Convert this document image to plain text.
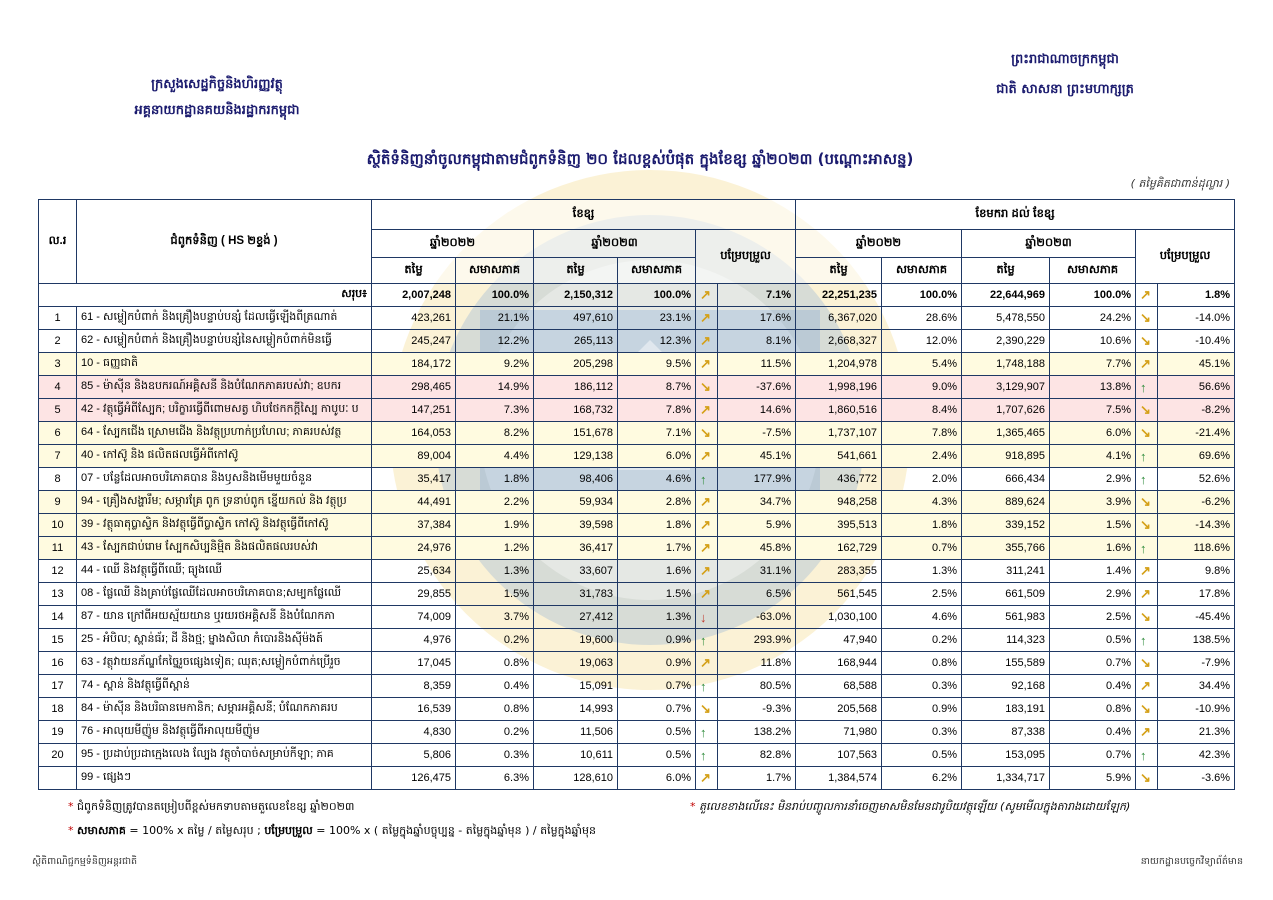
ក្រសួងសេដ្ឋកិច្ចនិងហិរញ្ញវត្ថុ
អគ្គនាយកដ្ឋានគយនិងរដ្ឋាករកម្ពុជា
ព្រះរាជាណាចក្រកម្ពុជា
ជាតិ សាសនា ព្រះមហាក្សត្រ
ស្ថិតិទំនិញនាំចូលកម្ពុជាតាមជំពូកទំនិញ ២០ ដែលខ្ពស់បំផុត ក្នុងខែឧ្ស ឆ្នាំ២០២៣ (បណ្ដោះអាសន្ន)
( តម្លៃគិតជាពាន់ដុល្លារ )
ល.រ	ជំពូកទំនិញ ( HS ២ខ្ទង់ )	ខែឧ្ស						ខែមករា ដល់ ខែឧ្ស					
		ឆ្នាំ២០២២		ឆ្នាំ២០២៣		បម្រែបម្រួល		ឆ្នាំ២០២២		ឆ្នាំ២០២៣		បម្រែបម្រួល	
		តម្លៃ	សមាសភាគ	តម្លៃ	សមាសភាគ			តម្លៃ	សមាសភាគ	តម្លៃ	សមាសភាគ		
សរុប៖		2,007,248	100.0%	2,150,312	100.0%	↗	7.1%	22,251,235	100.0%	22,644,969	100.0%	↗	1.8%
1	61 - សម្លៀកបំពាក់ និងគ្រឿងបន្ទាប់បន្សំ ដែលធ្វើឡើងពីត្រណាត់	423,261	21.1%	497,610	23.1%	↗	17.6%	6,367,020	28.6%	5,478,550	24.2%	↘	-14.0%
2	62 - សម្លៀកបំពាក់ និងគ្រឿងបន្ទាប់បន្សំនៃសម្លៀកបំពាក់មិនធ្វើ	245,247	12.2%	265,113	12.3%	↗	8.1%	2,668,327	12.0%	2,390,229	10.6%	↘	-10.4%
3	10 - ធញ្ញជាតិ	184,172	9.2%	205,298	9.5%	↗	11.5%	1,204,978	5.4%	1,748,188	7.7%	↗	45.1%
4	85 - ម៉ាស៊ីន និងឧបករណ៍អគ្គិសនី និងបំណែកភាគរបស់វា; ឧបករ	298,465	14.9%	186,112	8.7%	↘	-37.6%	1,998,196	9.0%	3,129,907	13.8%	↑	56.6%
5	42 - វត្ថុធ្វើអំពីស្បែក; បរិក្ខារធ្វើពីពោមសត្វ ហិបថែកកក្ដីស្បៃ កាបូបៈ ប	147,251	7.3%	168,732	7.8%	↗	14.6%	1,860,516	8.4%	1,707,626	7.5%	↘	-8.2%
6	64 - ស្បែកជើង ស្រោមជើង និងវត្ថុប្រហាក់ប្រហែល; ភាគរបស់វត្ថ	164,053	8.2%	151,678	7.1%	↘	-7.5%	1,737,107	7.8%	1,365,465	6.0%	↘	-21.4%
7	40 - កៅស៊ូ និង ផលិតផលធ្វើអំពីកៅស៊ូ	89,004	4.4%	129,138	6.0%	↗	45.1%	541,661	2.4%	918,895	4.1%	↑	69.6%
8	07 - បន្លែដែលអាចបរិភោគបាន និងឫសនិងមើមមួយចំនួន	35,417	1.8%	98,406	4.6%	↑	177.9%	436,772	2.0%	666,434	2.9%	↑	52.6%
9	94 - គ្រឿងសង្ហារឹម; សម្ភារគ្រែ ពូក ទ្រនាប់ពូក ខ្នើយកល់ និង វត្ថុប្រ	44,491	2.2%	59,934	2.8%	↗	34.7%	948,258	4.3%	889,624	3.9%	↘	-6.2%
10	39 - វត្ថុធាតុប្លាស្ទិក និងវត្ថុធ្វើពីប្លាស្ទិក កៅស៊ូ និងវត្ថុធ្វើពីកៅស៊ូ	37,384	1.9%	39,598	1.8%	↗	5.9%	395,513	1.8%	339,152	1.5%	↘	-14.3%
11	43 - ស្បែកជាប់រោម ស្បែកសិប្បនិម្មិត និងផលិតផលរបស់វា	24,976	1.2%	36,417	1.7%	↗	45.8%	162,729	0.7%	355,766	1.6%	↑	118.6%
12	44 - ឈើ និងវត្ថុធ្វើពីឈើ; ធ្យូងឈើ	25,634	1.3%	33,607	1.6%	↗	31.1%	283,355	1.3%	311,241	1.4%	↗	9.8%
13	08 - ផ្លែឈើ និងគ្រាប់ផ្លែឈើដែលអាចបរិភោគបាន;សម្បកផ្លែឈើ	29,855	1.5%	31,783	1.5%	↗	6.5%	561,545	2.5%	661,509	2.9%	↗	17.8%
14	87 - យាន ក្រៅពីអយស្ម័យយាន ឬរយរថអគ្គិសនី និងបំណែកភា	74,009	3.7%	27,412	1.3%	↓	-63.0%	1,030,100	4.6%	561,983	2.5%	↘	-45.4%
15	25 - អំបិល; ស្ពាន់ធ័រ; ដី និងថ្ម; ម្នាងសិលា កំបោរនិងស៊ីម៉ងត៍	4,976	0.2%	19,600	0.9%	↑	293.9%	47,940	0.2%	114,323	0.5%	↑	138.5%
16	63 - វត្ថុវាយនភ័ណ្ឌកែច្នៃរួចផ្សេងទៀត; ឈុត;សម្លៀកបំពាក់ប្រើរួច	17,045	0.8%	19,063	0.9%	↗	11.8%	168,944	0.8%	155,589	0.7%	↘	-7.9%
17	74 - ស្ពាន់ និងវត្ថុធ្វើពីស្ពាន់	8,359	0.4%	15,091	0.7%	↑	80.5%	68,588	0.3%	92,168	0.4%	↗	34.4%
18	84 - ម៉ាស៊ីន និងបរិធានមេកានិក; សម្ភារអគ្គិសនី; បំណែកភាគរប	16,539	0.8%	14,993	0.7%	↘	-9.3%	205,568	0.9%	183,191	0.8%	↘	-10.9%
19	76 - អាលុយមីញ៉ូម និងវត្ថុធ្វើពីអាលុយមីញ៉ូម	4,830	0.2%	11,506	0.5%	↑	138.2%	71,980	0.3%	87,338	0.4%	↗	21.3%
20	95 - ប្រដាប់ប្រដាក្មេងលេង ល្បែង វត្ថុចាំបាច់សម្រាប់កីឡា; ភាគ	5,806	0.3%	10,611	0.5%	↑	82.8%	107,563	0.5%	153,095	0.7%	↑	42.3%
	99 - ផ្សេងៗ	126,475	6.3%	128,610	6.0%	↗	1.7%	1,384,574	6.2%	1,334,717	5.9%	↘	-3.6%
* ជំពូកទំនិញត្រូវបានតម្រៀបពីខ្ពស់មកទាបតាមតួលេខខែឧ្ស ឆ្នាំ២០២៣	* តួលេខខាងលើនេះ មិនរាប់បញ្ចូលការនាំចេញមាសមិនមែនជារូបិយវត្ថុឡើយ (សូមមើលក្នុងតារាងដោយឡែក)
* សមាសភាគ = 100% x តម្លៃ / តម្លៃសរុប ; បម្រែបម្រួល = 100% x ( តម្លៃក្នុងឆ្នាំបច្ចុប្បន្ន - តម្លៃក្នុងឆ្នាំមុន ) / តម្លៃក្នុងឆ្នាំមុន
ស្ថិតិពាណិជ្ជកម្មទំនិញអន្តរជាតិ	នាយកដ្ឋានបច្ចេកវិទ្យាព័ត៌មាន
